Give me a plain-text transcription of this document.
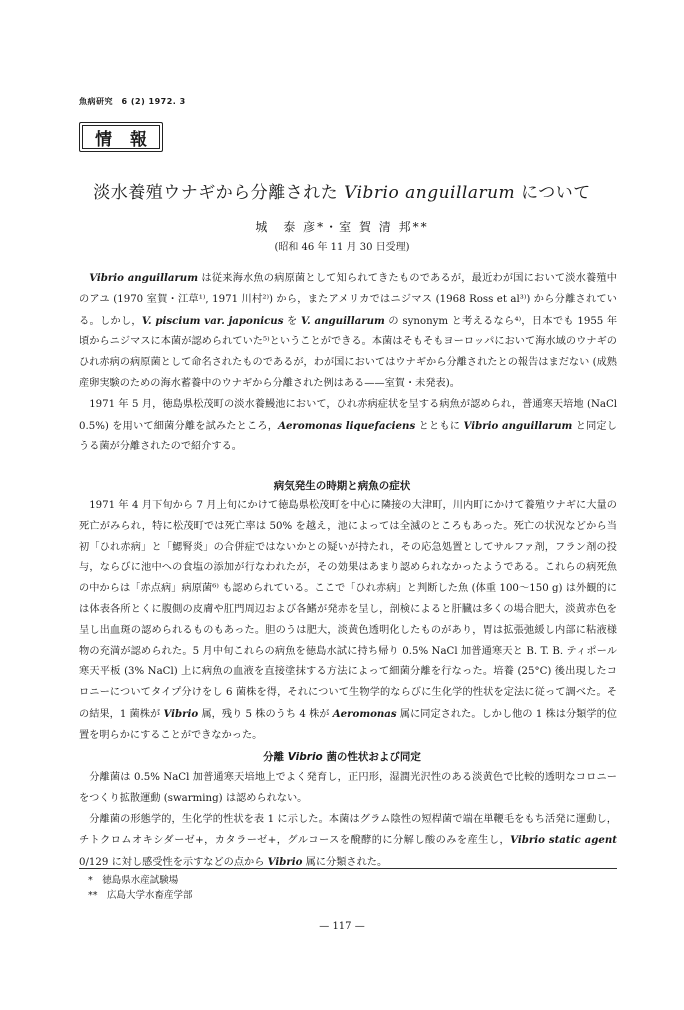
魚病研究　6 (2) 1972. 3
情 報
淡水養殖ウナギから分離された Vibrio anguillarum について
城　泰 彦*・室 賀 清 邦**
(昭和 46 年 11 月 30 日受理)

Vibrio anguillarum は従来海水魚の病原菌として知られてきたものであるが，最近わが国において淡水養殖中のアユ (1970 室賀・江草¹⁾, 1971 川村²⁾) から，またアメリカではニジマス (1968 Ross et al³⁾) から分離されている。しかし，V. piscium var. japonicus を V. anguillarum の synonym と考えるなら⁴⁾，日本でも 1955 年頃からニジマスに本菌が認められていた⁵⁾ということができる。本菌はそもそもヨーロッパにおいて海水域のウナギのひれ赤病の病原菌として命名されたものであるが，わが国においてはウナギから分離されたとの報告はまだない (成熟産卵実験のための海水蓄養中のウナギから分離された例はある——室賀・未発表)。

1971 年 5 月，徳島県松茂町の淡水養鰻池において，ひれ赤病症状を呈する病魚が認められ，普通寒天培地 (NaCl 0.5%) を用いて細菌分離を試みたところ，Aeromonas liquefaciens とともに Vibrio anguillarum と同定しうる菌が分離されたので紹介する。

病気発生の時期と病魚の症状

1971 年 4 月下旬から 7 月上旬にかけて徳島県松茂町を中心に隣接の大津町，川内町にかけて養殖ウナギに大量の死亡がみられ，特に松茂町では死亡率は 50% を越え，池によっては全滅のところもあった。死亡の状況などから当初「ひれ赤病」と「鰓腎炎」の合併症ではないかとの疑いが持たれ，その応急処置としてサルファ剤，フラン剤の投与，ならびに池中への食塩の添加が行なわれたが，その効果はあまり認められなかったようである。これらの病死魚の中からは「赤点病」病原菌⁶⁾ も認められている。ここで「ひれ赤病」と判断した魚 (体重 100～150 g) は外観的には体表各所とくに腹側の皮膚や肛門周辺および各鰭が発赤を呈し，剖検によると肝臓は多くの場合肥大，淡黄赤色を呈し出血斑の認められるものもあった。胆のうは肥大，淡黄色透明化したものがあり，胃は拡張弛緩し内部に粘液様物の充満が認められた。5 月中旬これらの病魚を徳島水試に持ち帰り 0.5% NaCl 加普通寒天と B. T. B. ティポール寒天平板 (3% NaCl) 上に病魚の血液を直接塗抹する方法によって細菌分離を行なった。培養 (25°C) 後出現したコロニーについてタイプ分けをし 6 菌株を得，それについて生物学的ならびに生化学的性状を定法に従って調べた。その結果，1 菌株が Vibrio 属，残り 5 株のうち 4 株が Aeromonas 属に同定された。しかし他の 1 株は分類学的位置を明らかにすることができなかった。

分離 Vibrio 菌の性状および同定

分離菌は 0.5% NaCl 加普通寒天培地上でよく発育し，正円形，湿潤光沢性のある淡黄色で比較的透明なコロニーをつくり拡散運動 (swarming) は認められない。

分離菌の形態学的，生化学的性状を表 1 に示した。本菌はグラム陰性の短桿菌で端在単鞭毛をもち活発に運動し，チトクロムオキシダーゼ+，カタラーゼ+，グルコースを醗酵的に分解し酸のみを産生し，Vibrio static agent 0/129 に対し感受性を示すなどの点から Vibrio 属に分類された。

*　徳島県水産試験場
**　広島大学水畜産学部
— 117 —
